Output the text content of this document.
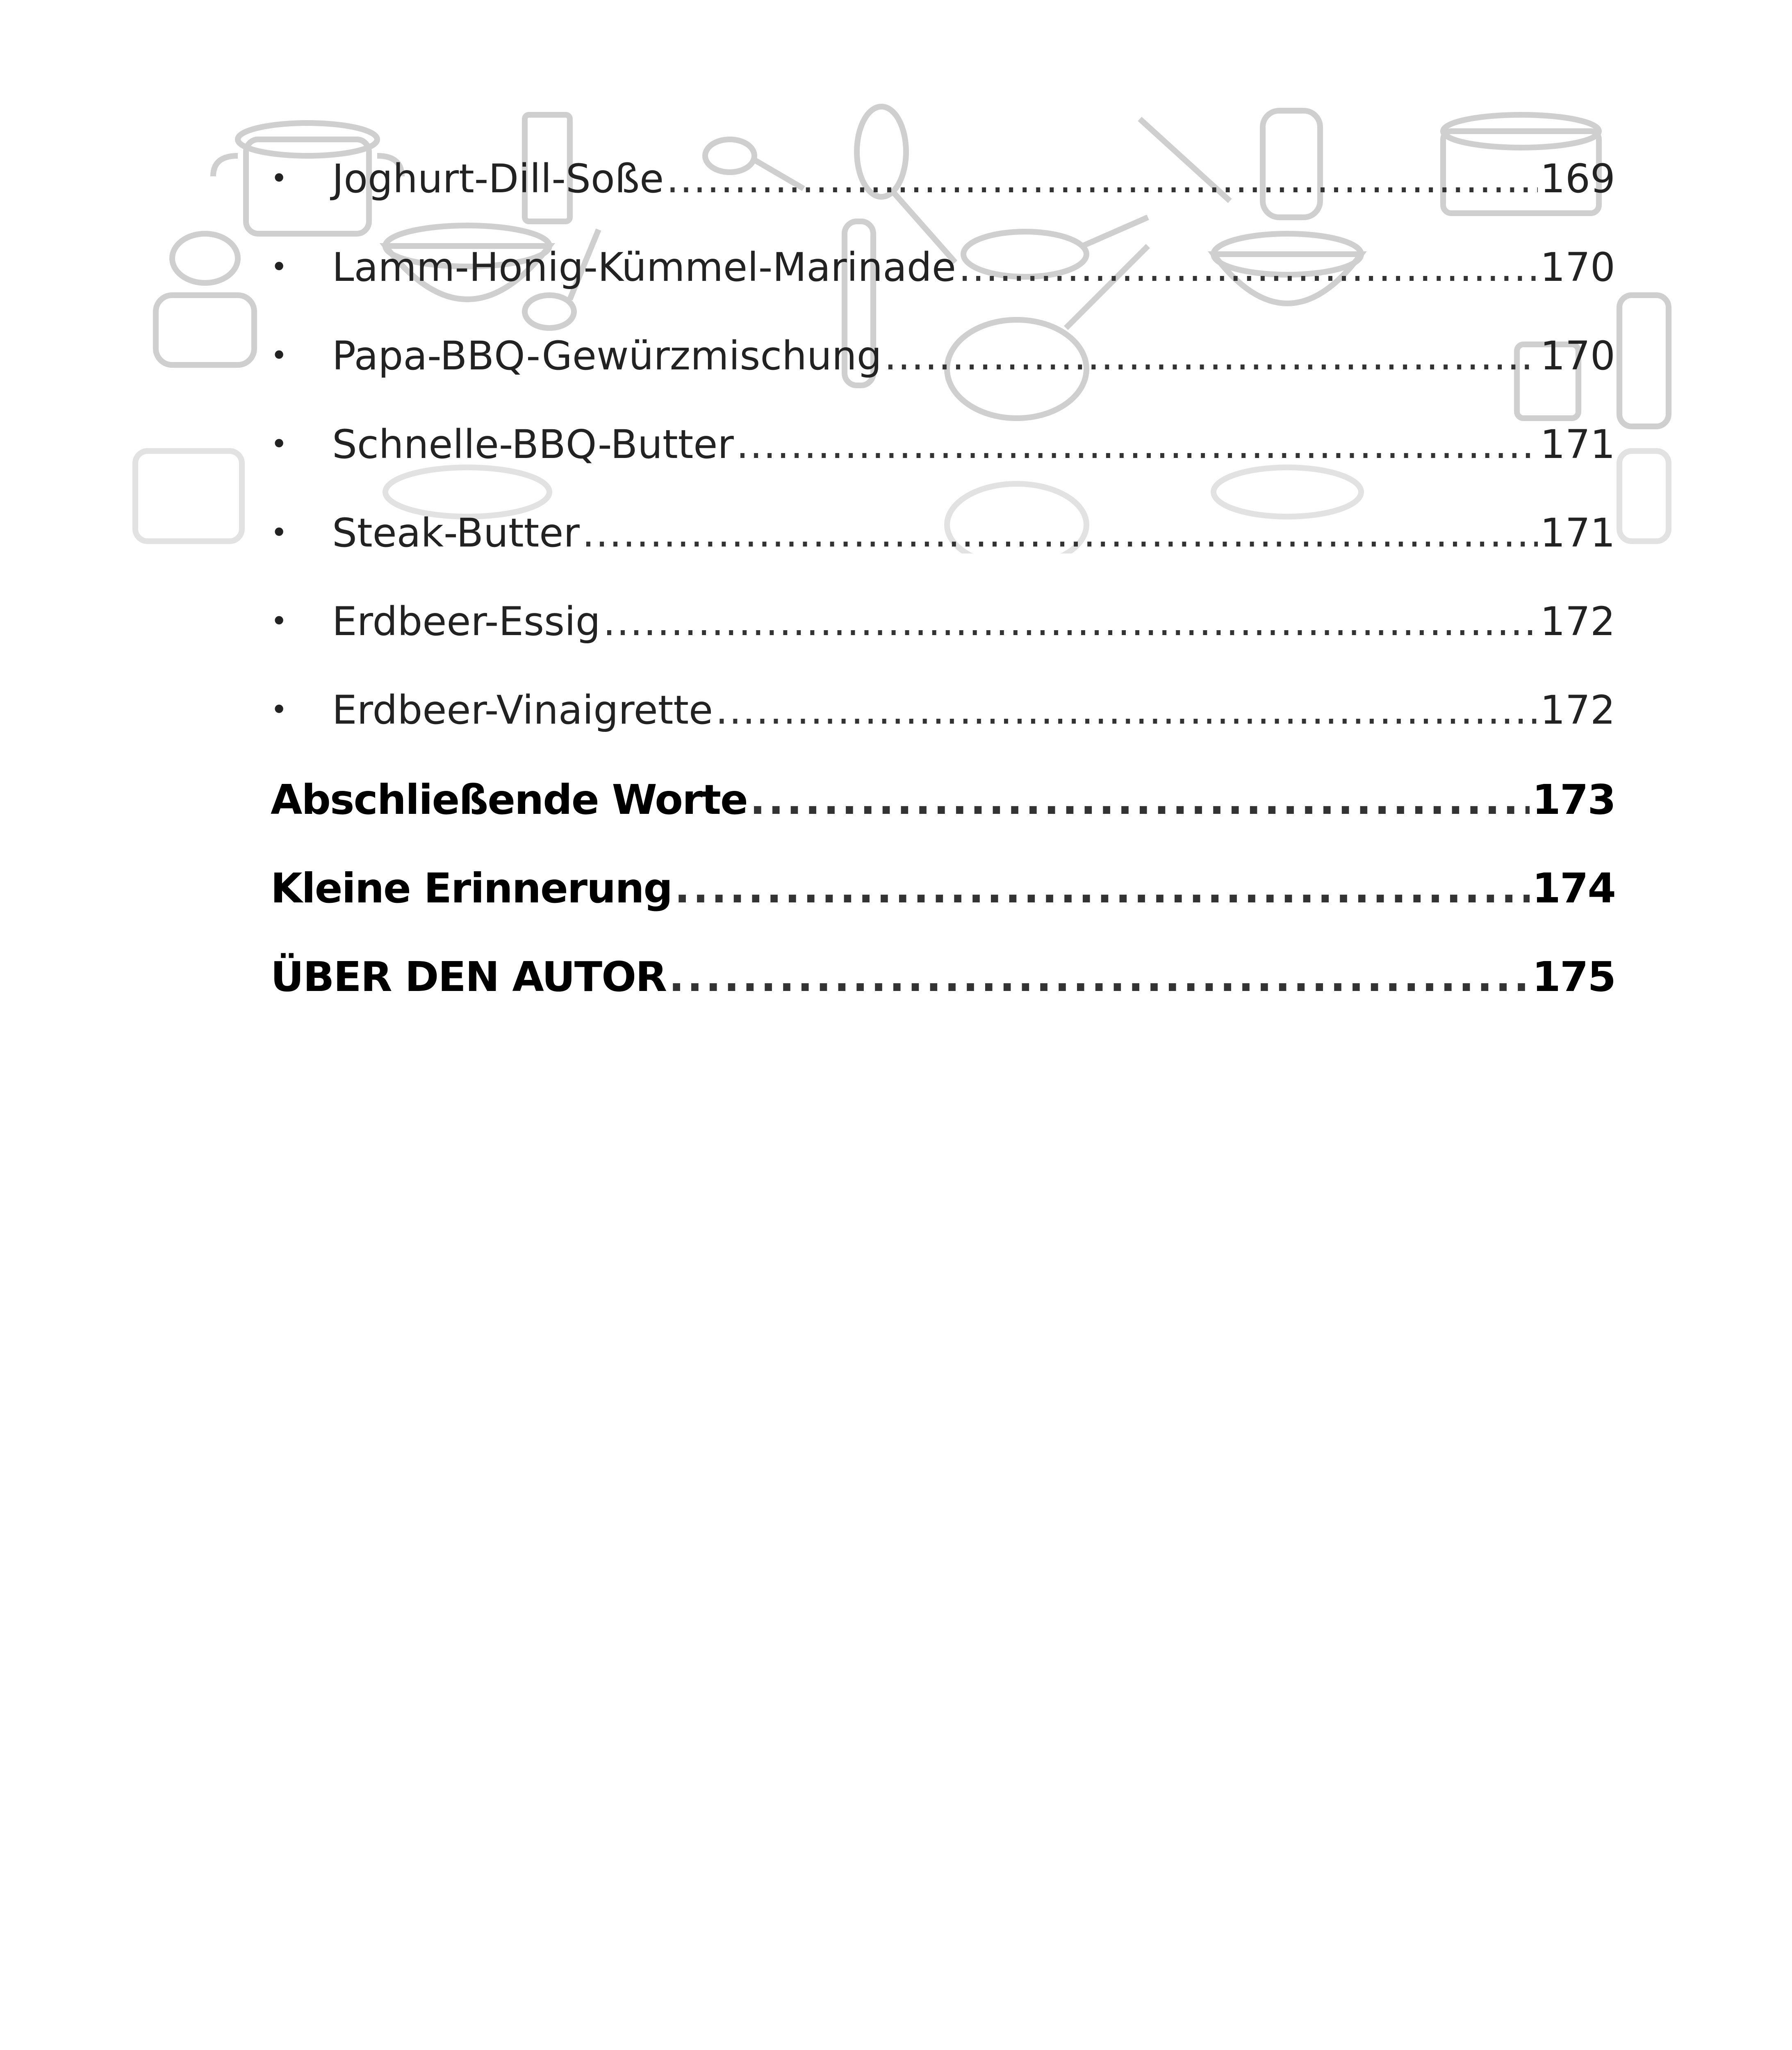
•	Joghurt-Dill-Soße . . .	169
•	Lamm-Honig-Kümmel-Marinade . . .	170
•	Papa-BBQ-Gewürzmischung . . .	170
•	Schnelle-BBQ-Butter . . .	171
•	Steak-Butter . . .	171
•	Erdbeer-Essig . . .	172
•	Erdbeer-Vinaigrette . . .	172
Abschließende Worte . . .	173
Kleine Erinnerung . . .	174
ÜBER DEN AUTOR . . .	175
